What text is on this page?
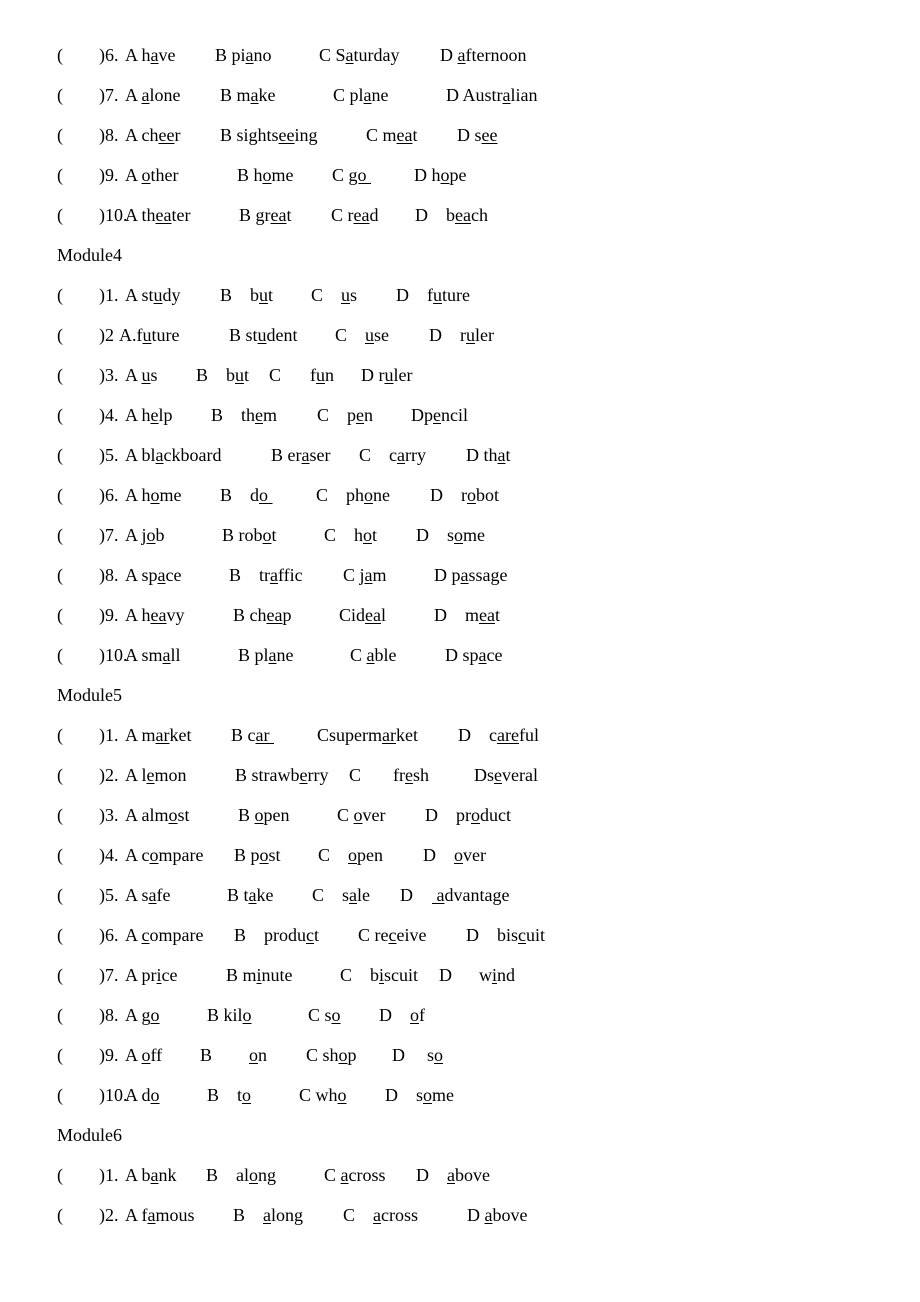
( )6. A have B piano	C Saturday D afternoon
( )7. A alone B make	C plane	D Australian
( )8. A cheer B sightseeing	C meat D see
( )9. A other	B home C go D hope
( )10.
A theater	B great C read D    beach
Module4
( )1. A study B    but C    us D    future
( )2 A.future	B student C    use D    ruler
( )3. A us B    but C fun D ruler
( )4. A help B    them C    pen Dpencil
( )5. A blackboard	B eraser C    carry D that
( )6. A home B    do C    phone D    robot
( )7. A job	B robot	C    hot D    some
( )8. A space	B    traffic C jam	D passage
( )9. A heavy	B cheap	Cideal	D    meat
( )10.
A small	B plane	C able	D space
Module5
( )1. A market B car Csupermarket D    careful
( )2. A lemon	B strawberry C fresh Dseveral
( )3. A almost	B open	C over D    product
( )4. A compare B post C    open D    over
( )5. A safe	B take C    sale D advantage
( )6. A compare B    product C receive D    biscuit
( )7. A price	B minute	C    biscuit D wind
( )8. A go	B kilo	C so D    of
( )9. A off B on C shop D so
( )10.
A do	B    to	C who D    some
Module6
( )1. A bank B    along	C across D    above
( )2. A famous B    along C    across	D above
